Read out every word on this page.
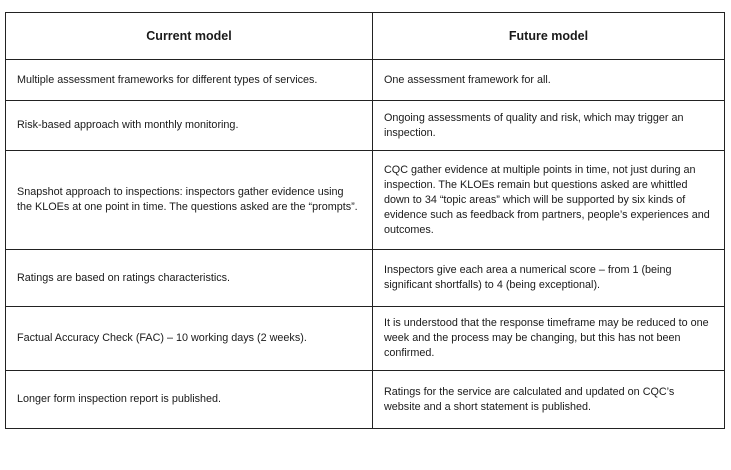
Current model	Future model
Multiple assessment frameworks for different types of services.	One assessment framework for all.
Risk-based approach with monthly monitoring.	Ongoing assessments of quality and risk, which may trigger an inspection.
Snapshot approach to inspections: inspectors gather evidence using the KLOEs at one point in time. The questions asked are the “prompts”.	CQC gather evidence at multiple points in time, not just during an inspection. The KLOEs remain but questions asked are whittled down to 34 “topic areas” which will be supported by six kinds of evidence such as feedback from partners, people’s experiences and outcomes.
Ratings are based on ratings characteristics.	Inspectors give each area a numerical score – from 1 (being significant shortfalls) to 4 (being exceptional).
Factual Accuracy Check (FAC) – 10 working days (2 weeks).	It is understood that the response timeframe may be reduced to one week and the process may be changing, but this has not been confirmed.
Longer form inspection report is published.	Ratings for the service are calculated and updated on CQC’s website and a short statement is published.
